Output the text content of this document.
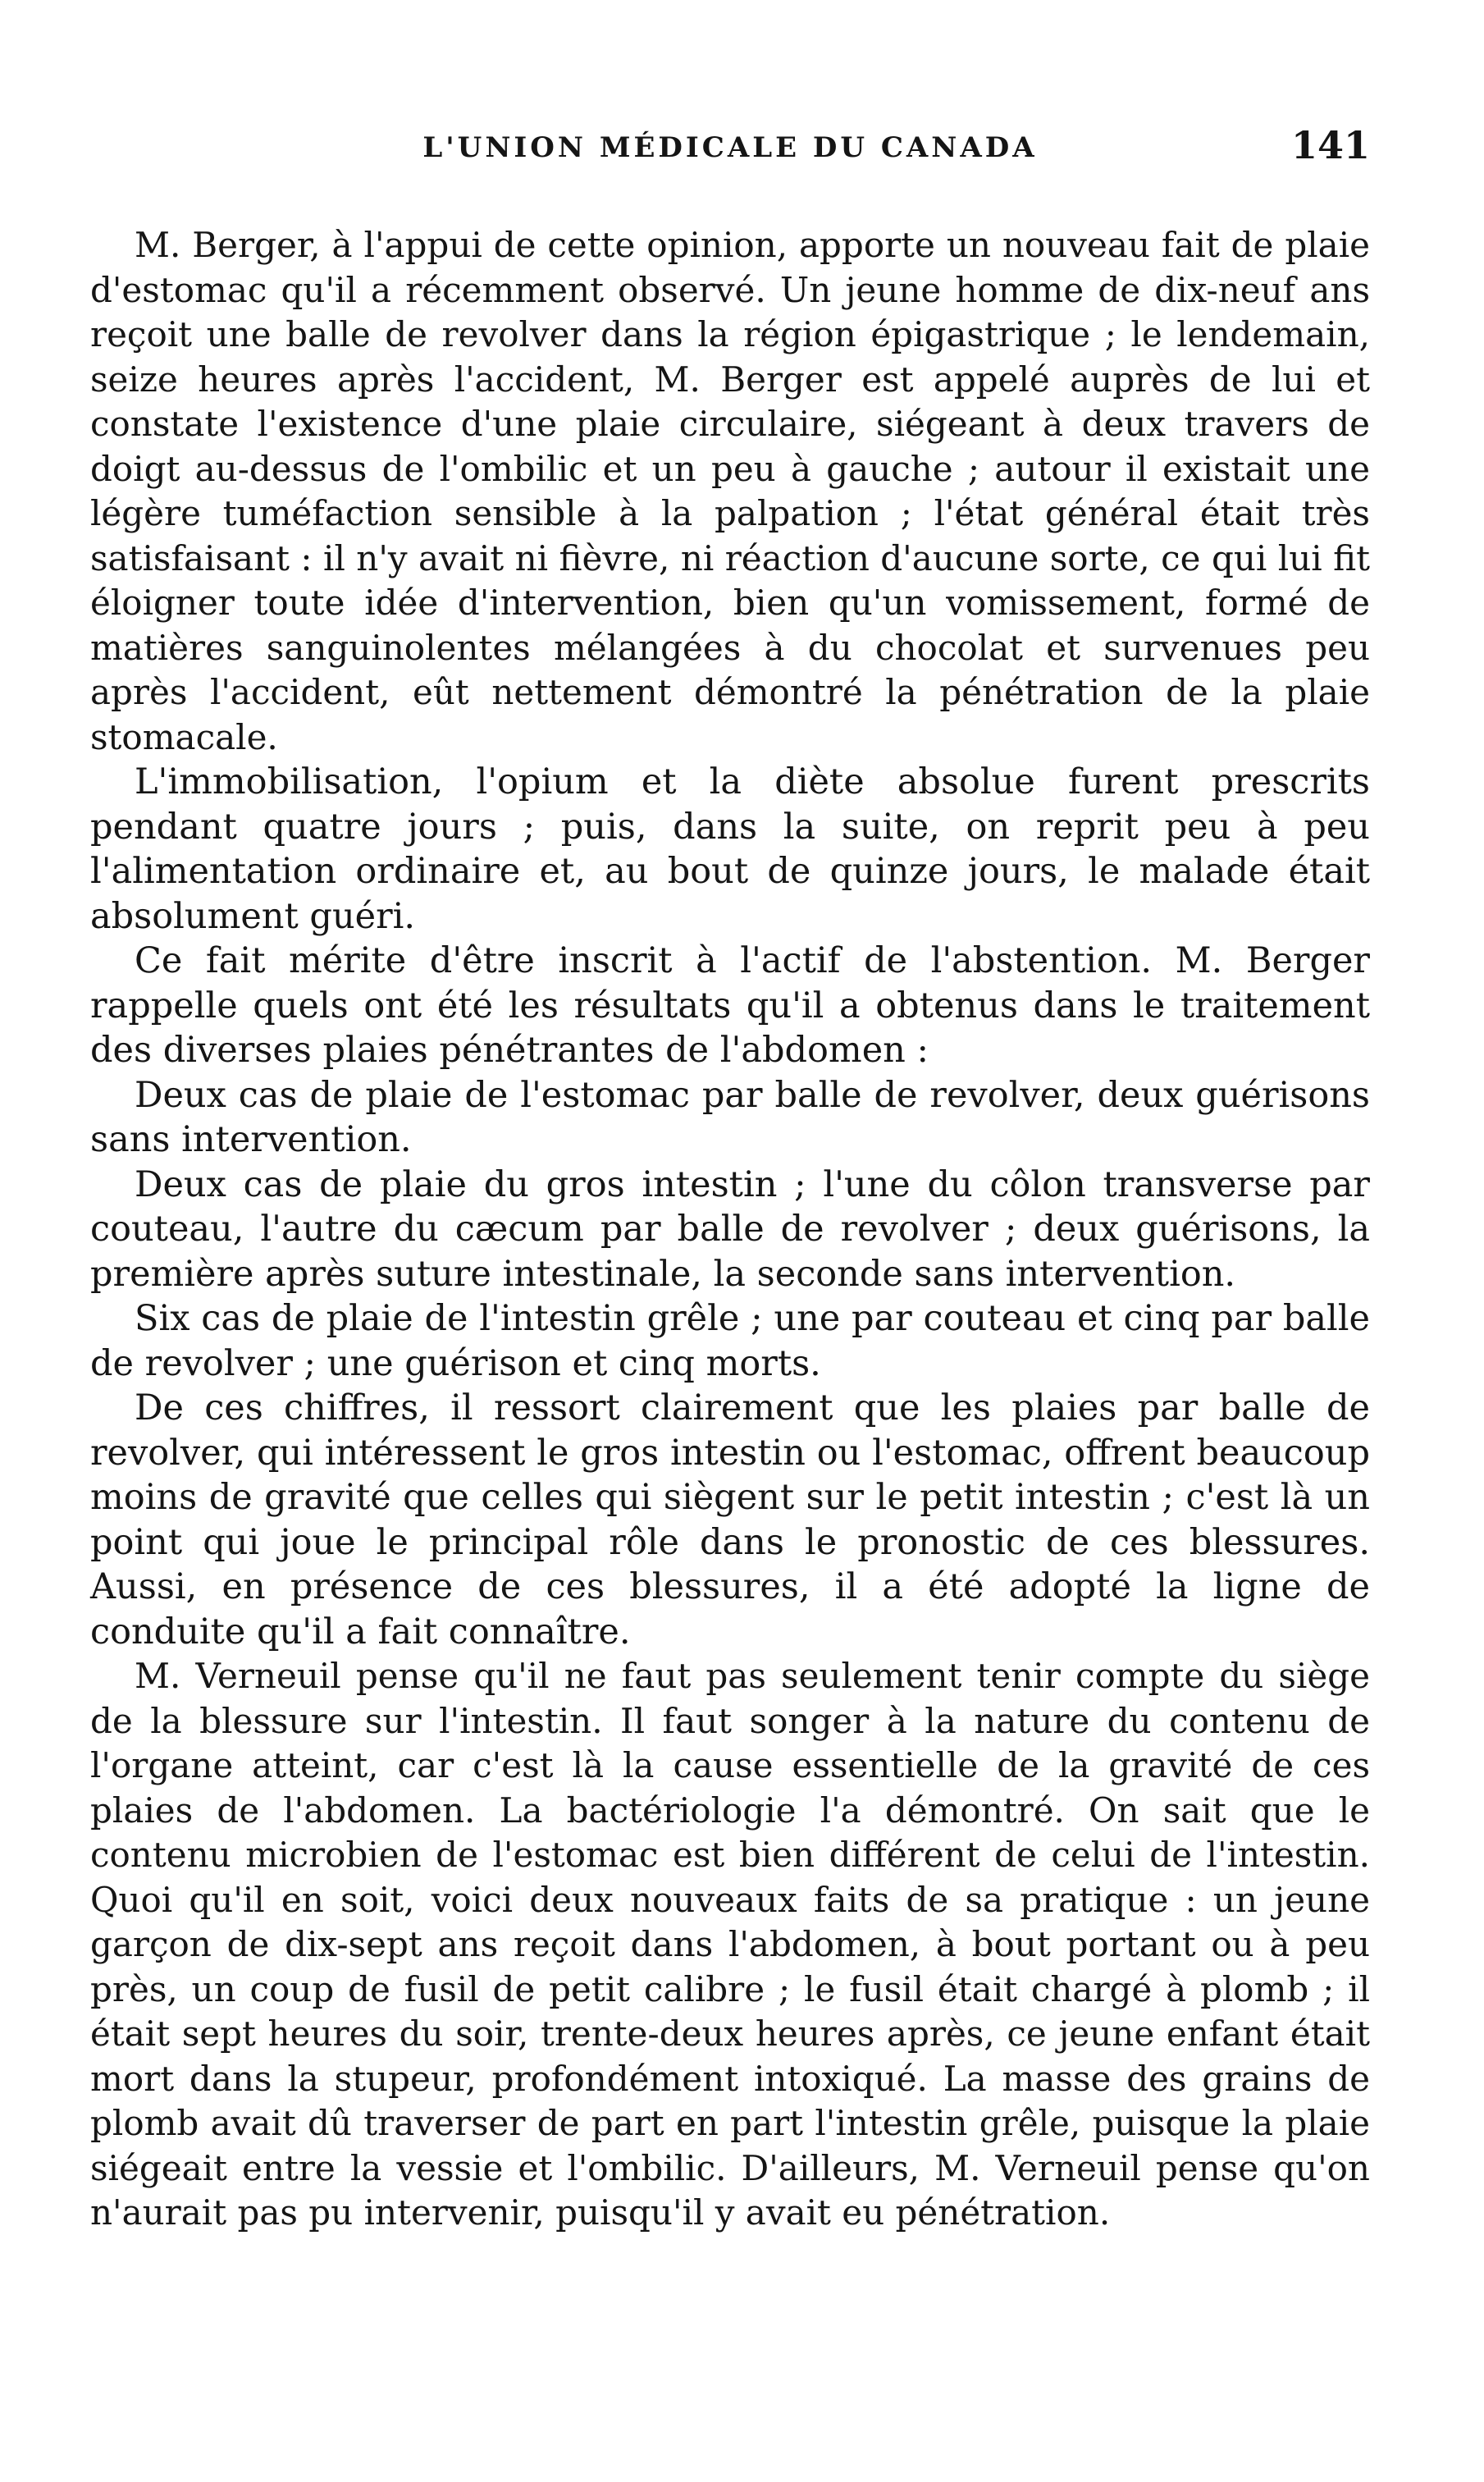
L'UNION MÉDICALE DU CANADA	141

M. Berger, à l'appui de cette opinion, apporte un nouveau fait de plaie d'estomac qu'il a récemment observé. Un jeune homme de dix-neuf ans reçoit une balle de revolver dans la région épigastrique ; le lendemain, seize heures après l'accident, M. Berger est appelé auprès de lui et constate l'existence d'une plaie circulaire, siégeant à deux travers de doigt au-dessus de l'ombilic et un peu à gauche ; autour il existait une légère tuméfaction sensible à la palpation ; l'état général était très satisfaisant : il n'y avait ni fièvre, ni réaction d'aucune sorte, ce qui lui fit éloigner toute idée d'intervention, bien qu'un vomissement, formé de matières sanguinolentes mélangées à du chocolat et survenues peu après l'accident, eût nettement démontré la pénétration de la plaie stomacale.

L'immobilisation, l'opium et la diète absolue furent prescrits pendant quatre jours ; puis, dans la suite, on reprit peu à peu l'alimentation ordinaire et, au bout de quinze jours, le malade était absolument guéri.

Ce fait mérite d'être inscrit à l'actif de l'abstention. M. Berger rappelle quels ont été les résultats qu'il a obtenus dans le traitement des diverses plaies pénétrantes de l'abdomen :

Deux cas de plaie de l'estomac par balle de revolver, deux guérisons sans intervention.

Deux cas de plaie du gros intestin ; l'une du côlon transverse par couteau, l'autre du cæcum par balle de revolver ; deux guérisons, la première après suture intestinale, la seconde sans intervention.

Six cas de plaie de l'intestin grêle ; une par couteau et cinq par balle de revolver ; une guérison et cinq morts.

De ces chiffres, il ressort clairement que les plaies par balle de revolver, qui intéressent le gros intestin ou l'estomac, offrent beaucoup moins de gravité que celles qui siègent sur le petit intestin ; c'est là un point qui joue le principal rôle dans le pronostic de ces blessures. Aussi, en présence de ces blessures, il a été adopté la ligne de conduite qu'il a fait connaître.

M. Verneuil pense qu'il ne faut pas seulement tenir compte du siège de la blessure sur l'intestin. Il faut songer à la nature du contenu de l'organe atteint, car c'est là la cause essentielle de la gravité de ces plaies de l'abdomen. La bactériologie l'a démontré. On sait que le contenu microbien de l'estomac est bien différent de celui de l'intestin. Quoi qu'il en soit, voici deux nouveaux faits de sa pratique : un jeune garçon de dix-sept ans reçoit dans l'abdomen, à bout portant ou à peu près, un coup de fusil de petit calibre ; le fusil était chargé à plomb ; il était sept heures du soir, trente-deux heures après, ce jeune enfant était mort dans la stupeur, profondément intoxiqué. La masse des grains de plomb avait dû traverser de part en part l'intestin grêle, puisque la plaie siégeait entre la vessie et l'ombilic. D'ailleurs, M. Verneuil pense qu'on n'aurait pas pu intervenir, puisqu'il y avait eu pénétration.
